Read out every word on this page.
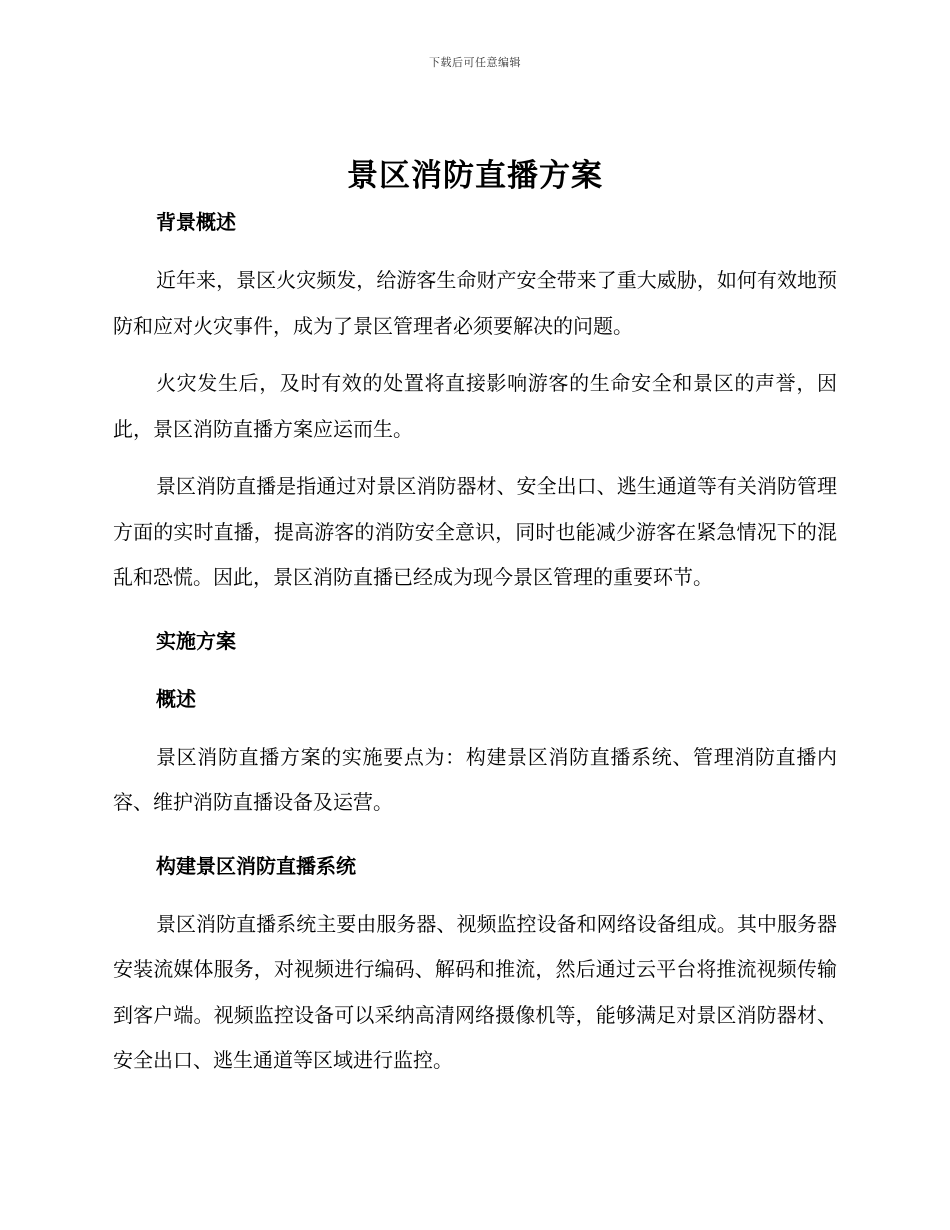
下载后可任意编辑
景区消防直播方案
背景概述

近年来，景区火灾频发，给游客生命财产安全带来了重大威胁，如何有效地预防和应对火灾事件，成为了景区管理者必须要解决的问题。

火灾发生后，及时有效的处置将直接影响游客的生命安全和景区的声誉，因此，景区消防直播方案应运而生。

景区消防直播是指通过对景区消防器材、安全出口、逃生通道等有关消防管理方面的实时直播，提高游客的消防安全意识，同时也能减少游客在紧急情况下的混乱和恐慌。因此，景区消防直播已经成为现今景区管理的重要环节。

实施方案
概述

景区消防直播方案的实施要点为：构建景区消防直播系统、管理消防直播内容、维护消防直播设备及运营。

构建景区消防直播系统

景区消防直播系统主要由服务器、视频监控设备和网络设备组成。其中服务器安装流媒体服务，对视频进行编码、解码和推流，然后通过云平台将推流视频传输到客户端。视频监控设备可以采纳高清网络摄像机等，能够满足对景区消防器材、安全出口、逃生通道等区域进行监控。
